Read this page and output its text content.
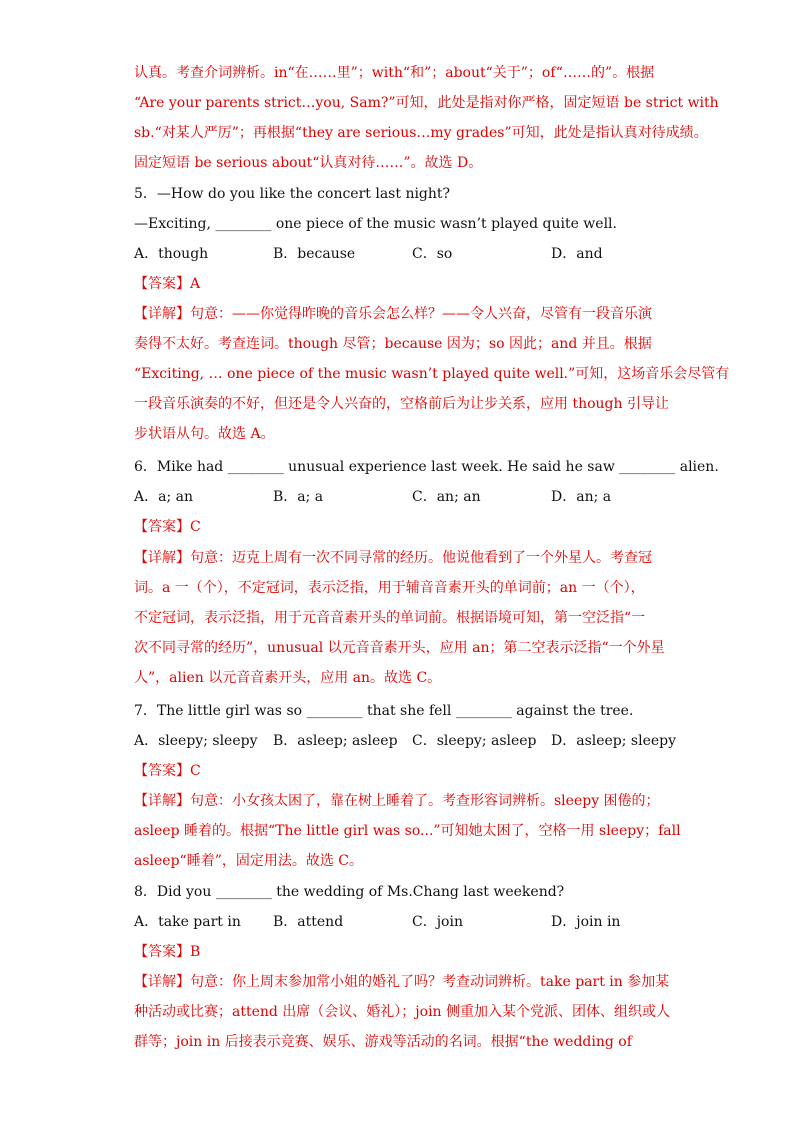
认真。考查介词辨析。in“在……里”；with“和”；about“关于”；of“……的”。根据
“Are your parents strict…you, Sam?”可知，此处是指对你严格，固定短语 be strict with
sb.“对某人严厉”；再根据“they are serious…my grades”可知，此处是指认真对待成绩。
固定短语 be serious about“认真对待……”。故选 D。
5．—How do you like the concert last night?
—Exciting, ________ one piece of the music wasn’t played quite well.
A．though	B．because	C．so	D．and
【答案】A
【详解】句意：——你觉得昨晚的音乐会怎么样？——令人兴奋，尽管有一段音乐演
奏得不太好。考查连词。though 尽管；because 因为；so 因此；and 并且。根据
“Exciting, … one piece of the music wasn’t played quite well.”可知，这场音乐会尽管有
一段音乐演奏的不好，但还是令人兴奋的，空格前后为让步关系，应用 though 引导让
步状语从句。故选 A。
6．Mike had ________ unusual experience last week. He said he saw ________ alien.
A．a; an	B．a; a	C．an; an	D．an; a
【答案】C
【详解】句意：迈克上周有一次不同寻常的经历。他说他看到了一个外星人。考查冠
词。a 一（个），不定冠词，表示泛指，用于辅音音素开头的单词前；an 一（个），
不定冠词，表示泛指，用于元音音素开头的单词前。根据语境可知，第一空泛指“一
次不同寻常的经历”，unusual 以元音音素开头，应用 an；第二空表示泛指“一个外星
人”，alien 以元音音素开头，应用 an。故选 C。
7．The little girl was so ________ that she fell ________ against the tree.
A．sleepy; sleepy B．asleep; asleep C．sleepy; asleep D．asleep; sleepy
【答案】C
【详解】句意：小女孩太困了，靠在树上睡着了。考查形容词辨析。sleepy 困倦的；
asleep 睡着的。根据“The little girl was so...”可知她太困了，空格一用 sleepy；fall
asleep“睡着”，固定用法。故选 C。
8．Did you ________ the wedding of Ms.Chang last weekend?
A．take part in B．attend	C．join	D．join in
【答案】B
【详解】句意：你上周末参加常小姐的婚礼了吗？考查动词辨析。take part in 参加某
种活动或比赛；attend 出席（会议、婚礼）；join 侧重加入某个党派、团体、组织或人
群等；join in 后接表示竞赛、娱乐、游戏等活动的名词。根据“the wedding of
